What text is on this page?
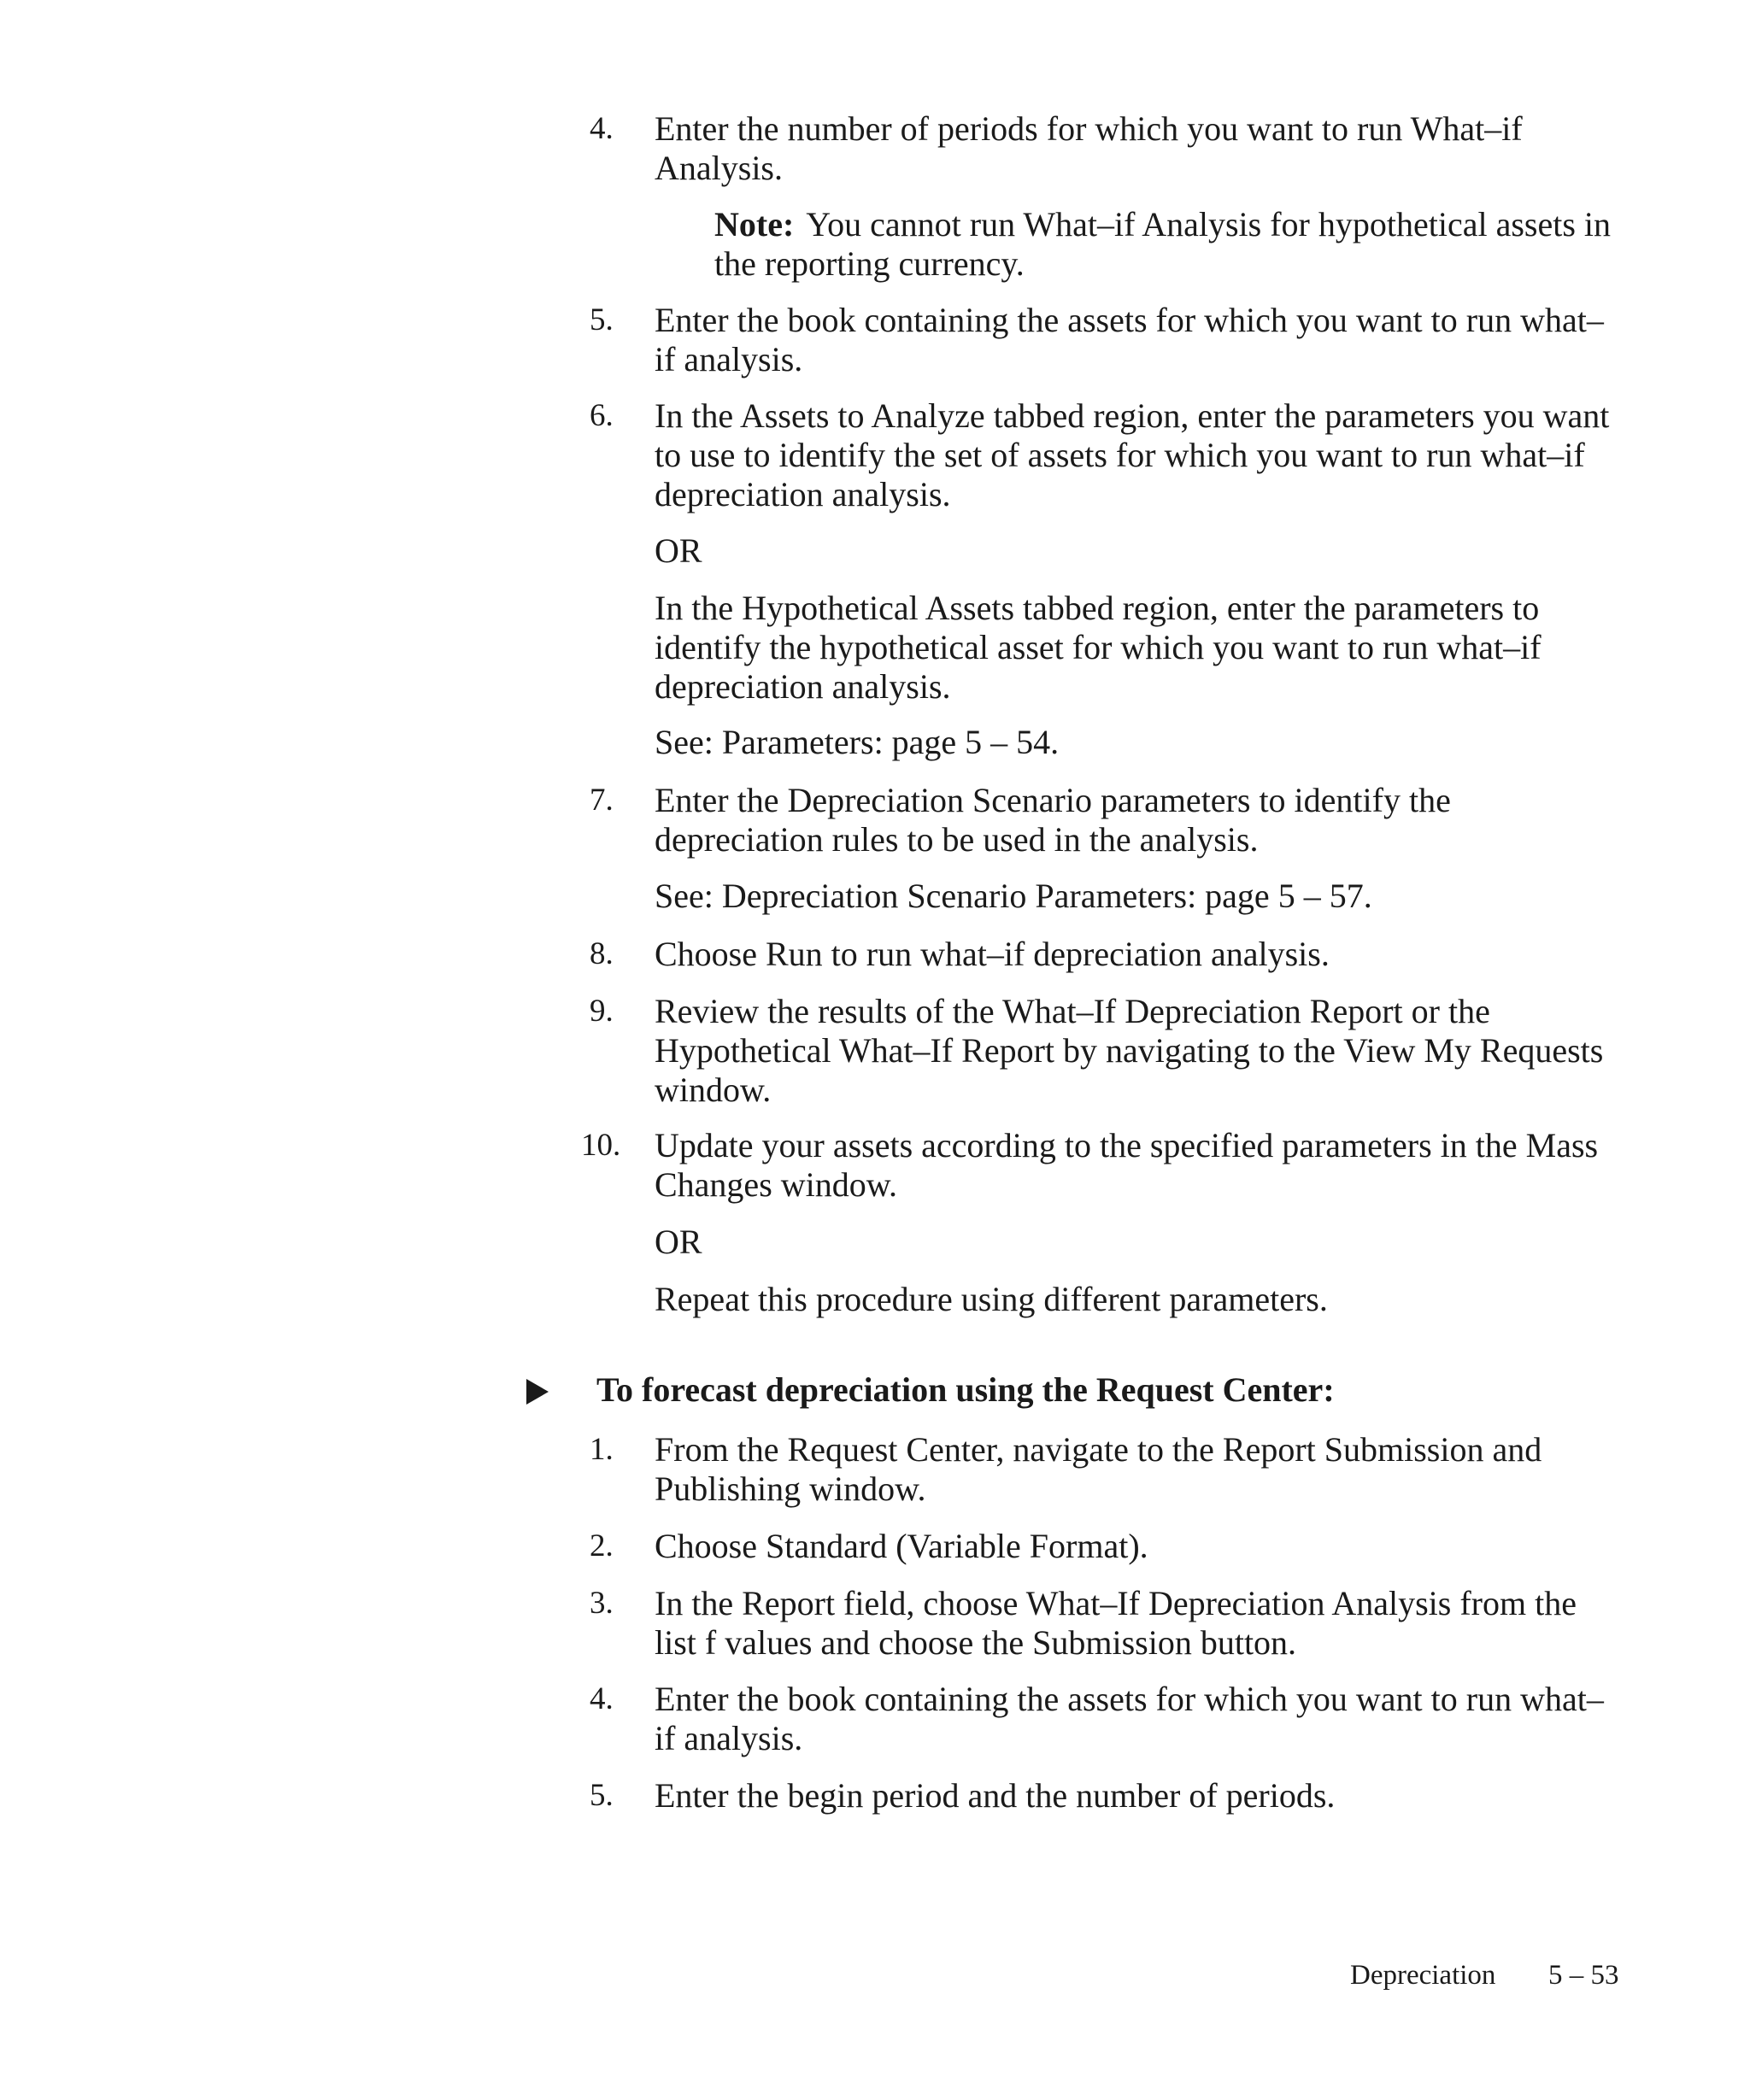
4.	Enter the number of periods for which you want to run What–if Analysis.
Note: You cannot run What–if Analysis for hypothetical assets in the reporting currency.
5.	Enter the book containing the assets for which you want to run what–if analysis.
6.	In the Assets to Analyze tabbed region, enter the parameters you want to use to identify the set of assets for which you want to run what–if depreciation analysis.
OR
In the Hypothetical Assets tabbed region, enter the parameters to identify the hypothetical asset for which you want to run what–if depreciation analysis.
See: Parameters: page 5 – 54.
7.	Enter the Depreciation Scenario parameters to identify the depreciation rules to be used in the analysis.
See: Depreciation Scenario Parameters: page 5 – 57.
8.	Choose Run to run what–if depreciation analysis.
9.	Review the results of the What–If Depreciation Report or the Hypothetical What–If Report by navigating to the View My Requests window.
10. Update your assets according to the specified parameters in the Mass Changes window.
OR
Repeat this procedure using different parameters.
To forecast depreciation using the Request Center:
1.	From the Request Center, navigate to the Report Submission and Publishing window.
2.	Choose Standard (Variable Format).
3.	In the Report field, choose What–If Depreciation Analysis from the list f values and choose the Submission button.
4.	Enter the book containing the assets for which you want to run what–if analysis.
5.	Enter the begin period and the number of periods.
Depreciation 5 – 53
